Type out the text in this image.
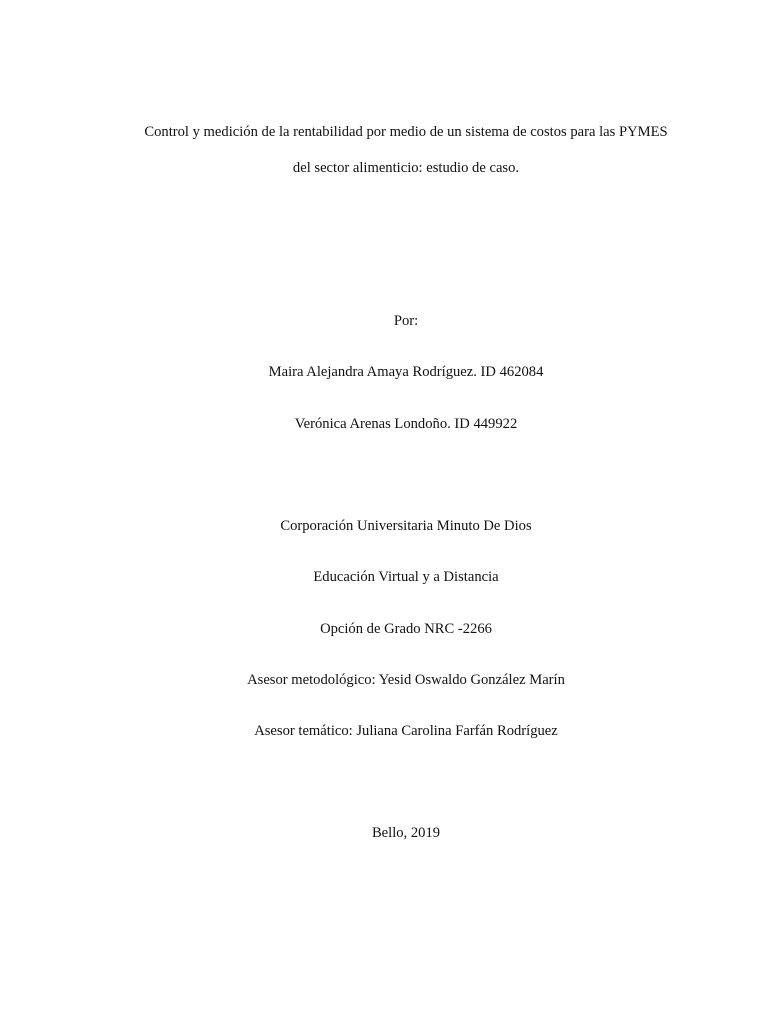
Control y medición de la rentabilidad por medio de un sistema de costos para las PYMES
del sector alimenticio: estudio de caso.
Por:
Maira Alejandra Amaya Rodríguez. ID 462084
Verónica Arenas Londoño. ID 449922
Corporación Universitaria Minuto De Dios
Educación Virtual y a Distancia
Opción de Grado NRC -2266
Asesor metodológico: Yesid Oswaldo González Marín
Asesor temático: Juliana Carolina Farfán Rodríguez
Bello, 2019
